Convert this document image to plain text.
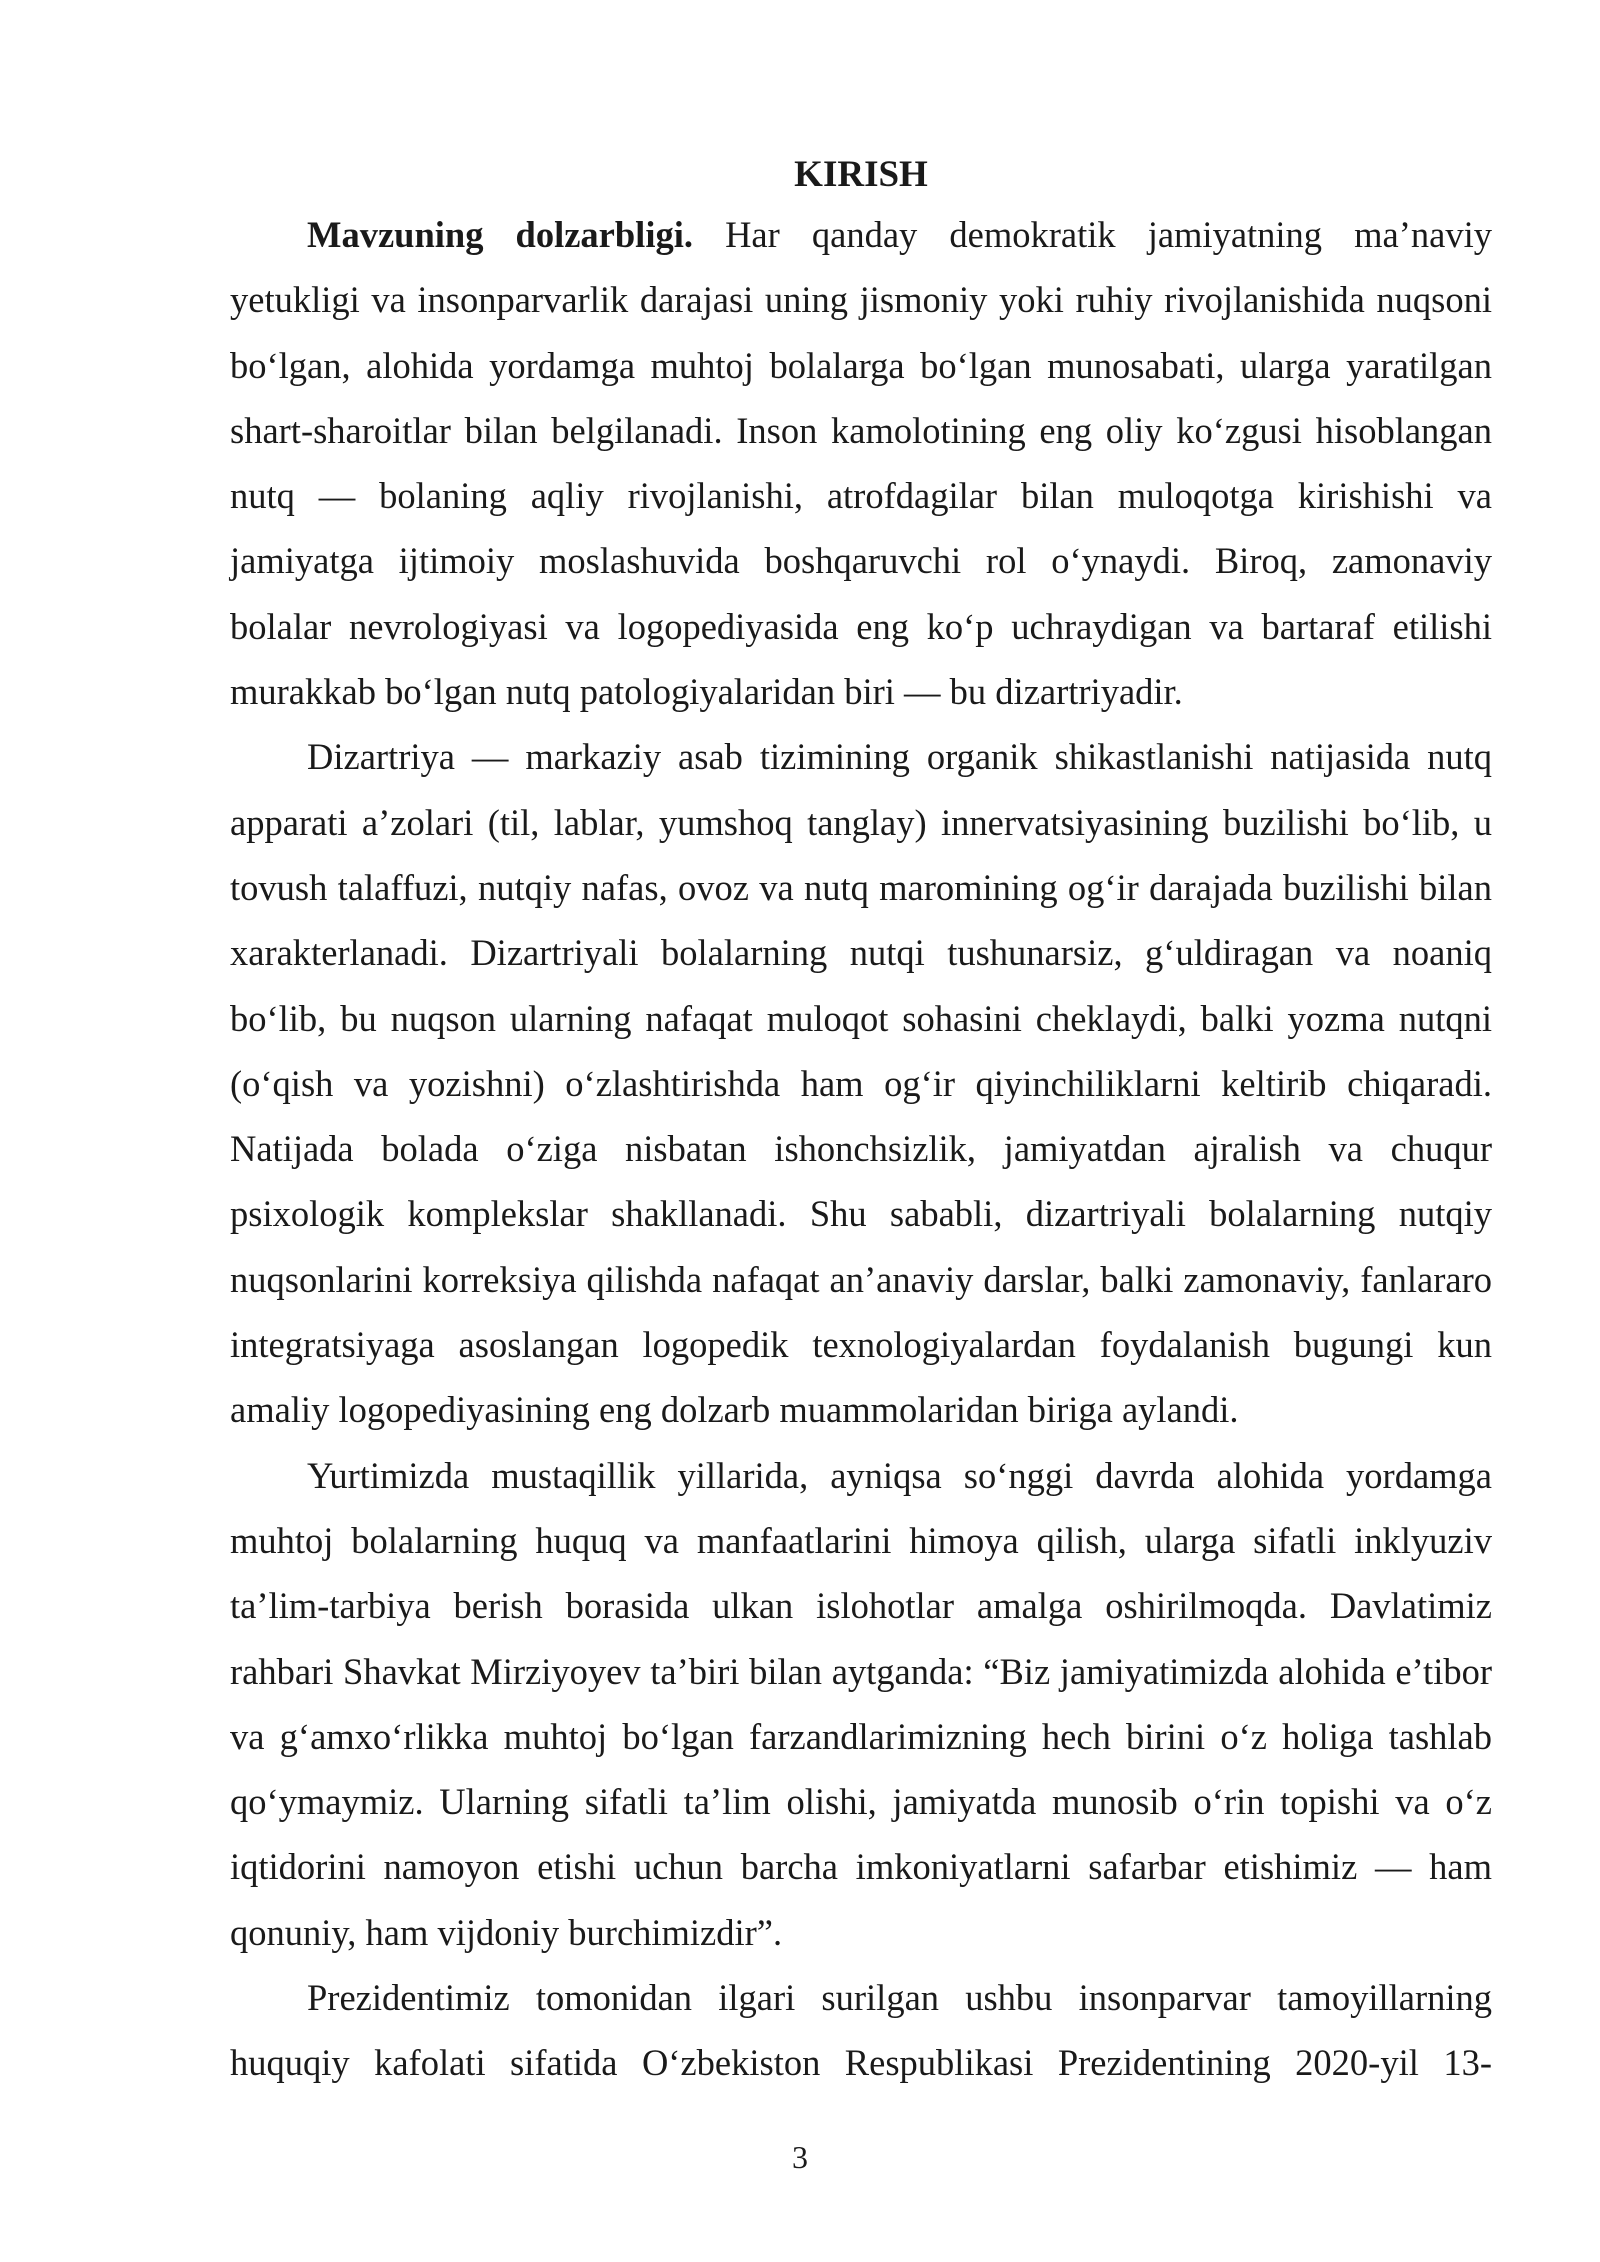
KIRISH

Mavzuning dolzarbligi. Har qanday demokratik jamiyatning ma’naviy yetukligi va insonparvarlik darajasi uning jismoniy yoki ruhiy rivojlanishida nuqsoni bo‘lgan, alohida yordamga muhtoj bolalarga bo‘lgan munosabati, ularga yaratilgan shart-sharoitlar bilan belgilanadi. Inson kamolotining eng oliy ko‘zgusi hisoblangan nutq — bolaning aqliy rivojlanishi, atrofdagilar bilan muloqotga kirishishi va jamiyatga ijtimoiy moslashuvida boshqaruvchi rol o‘ynaydi. Biroq, zamonaviy bolalar nevrologiyasi va logopediyasida eng ko‘p uchraydigan va bartaraf etilishi murakkab bo‘lgan nutq patologiyalaridan biri — bu dizartriyadir.

Dizartriya — markaziy asab tizimining organik shikastlanishi natijasida nutq apparati a’zolari (til, lablar, yumshoq tanglay) innervatsiyasining buzilishi bo‘lib, u tovush talaffuzi, nutqiy nafas, ovoz va nutq maromining og‘ir darajada buzilishi bilan xarakterlanadi. Dizartriyali bolalarning nutqi tushunarsiz, g‘uldiragan va noaniq bo‘lib, bu nuqson ularning nafaqat muloqot sohasini cheklaydi, balki yozma nutqni (o‘qish va yozishni) o‘zlashtirishda ham og‘ir qiyinchiliklarni keltirib chiqaradi. Natijada bolada o‘ziga nisbatan ishonchsizlik, jamiyatdan ajralish va chuqur psixologik komplekslar shakllanadi. Shu sababli, dizartriyali bolalarning nutqiy nuqsonlarini korreksiya qilishda nafaqat an’anaviy darslar, balki zamonaviy, fanlararo integratsiyaga asoslangan logopedik texnologiyalardan foydalanish bugungi kun amaliy logopediyasining eng dolzarb muammolaridan biriga aylandi.

Yurtimizda mustaqillik yillarida, ayniqsa so‘nggi davrda alohida yordamga muhtoj bolalarning huquq va manfaatlarini himoya qilish, ularga sifatli inklyuziv ta’lim-tarbiya berish borasida ulkan islohotlar amalga oshirilmoqda. Davlatimiz rahbari Shavkat Mirziyoyev ta’biri bilan aytganda: “Biz jamiyatimizda alohida e’tibor va g‘amxo‘rlikka muhtoj bo‘lgan farzandlarimizning hech birini o‘z holiga tashlab qo‘ymaymiz. Ularning sifatli ta’lim olishi, jamiyatda munosib o‘rin topishi va o‘z iqtidorini namoyon etishi uchun barcha imkoniyatlarni safarbar etishimiz — ham qonuniy, ham vijdoniy burchimizdir”.

Prezidentimiz tomonidan ilgari surilgan ushbu insonparvar tamoyillarning huquqiy kafolati sifatida O‘zbekiston Respublikasi Prezidentining 2020-yil 13-

3
